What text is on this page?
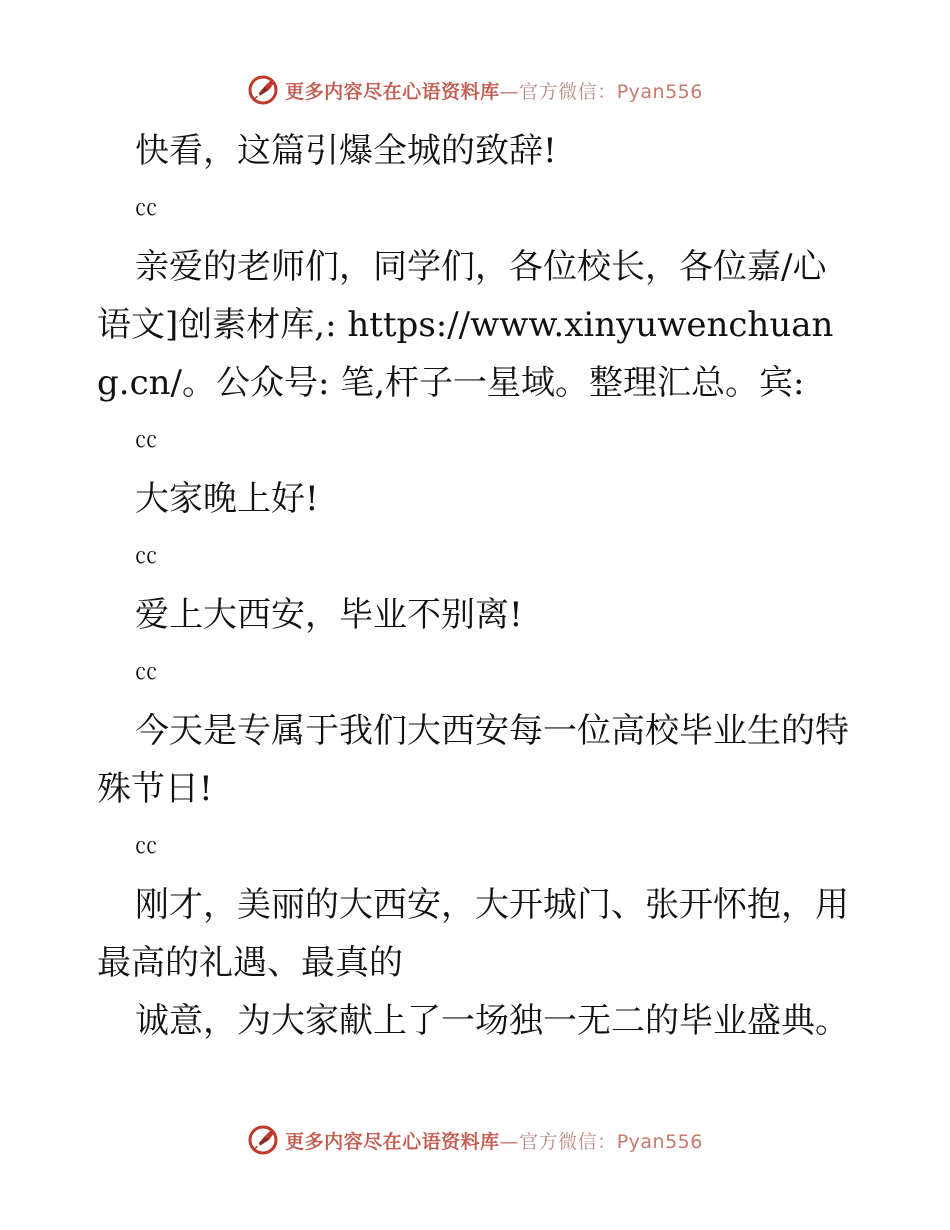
更多内容尽在心语资料库—官方微信：Pyan556

快看，这篇引爆全城的致辞!

㏄

亲爱的老师们，同学们，各位校长，各位嘉/心语文]创素材库,: https://www.xinyuwenchuang.cn/。公众号: 笔,杆子一星域。整理汇总。宾:

㏄

大家晚上好!

㏄

爱上大西安，毕业不别离!

㏄

今天是专属于我们大西安每一位高校毕业生的特殊节日!

㏄

刚才，美丽的大西安，大开城门、张开怀抱，用最高的礼遇、最真的

诚意，为大家献上了一场独一无二的毕业盛典。

更多内容尽在心语资料库—官方微信：Pyan556
